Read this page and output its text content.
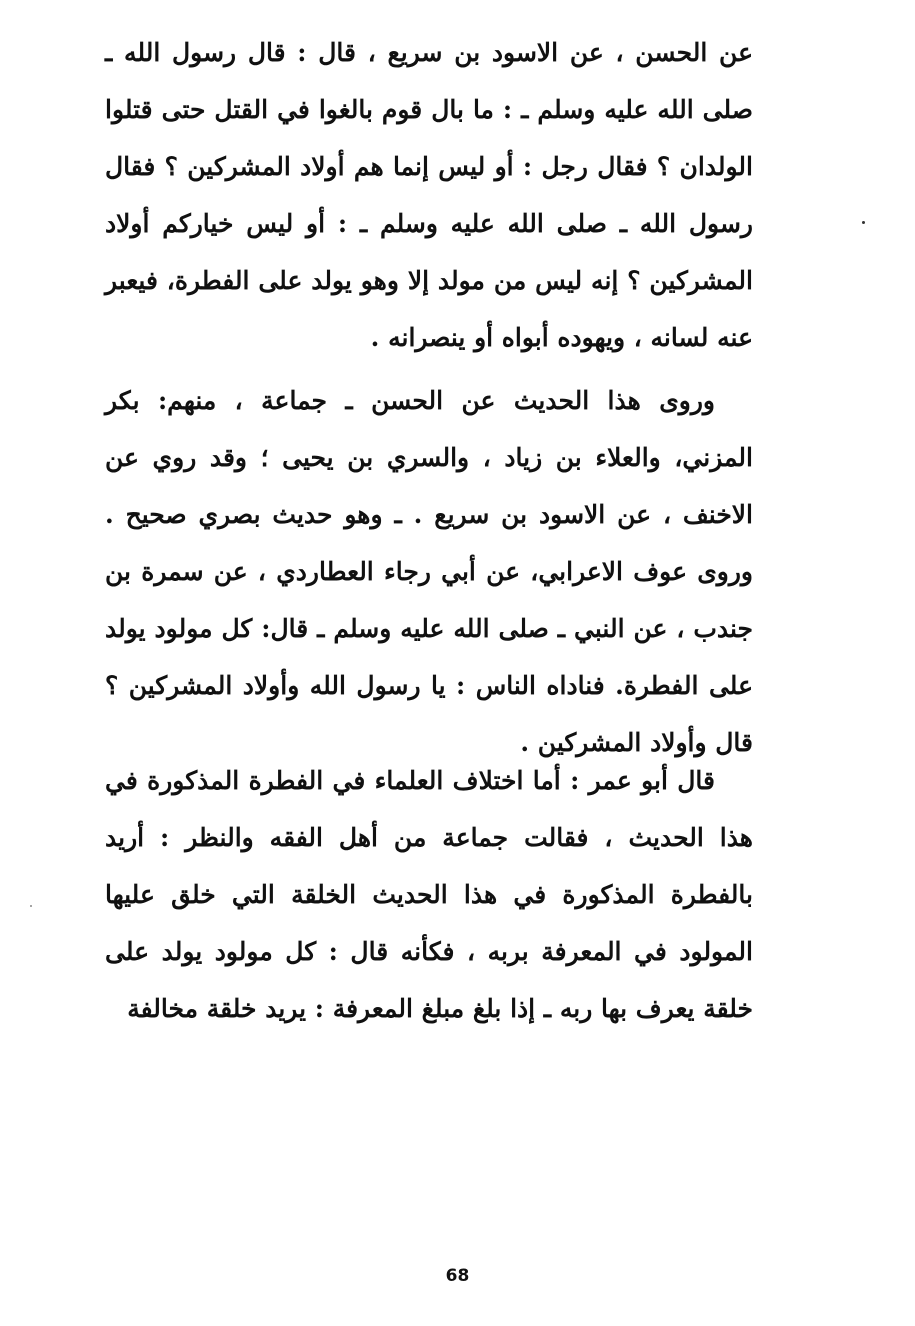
عن الحسن ، عن الاسود بن سريع ، قال : قال رسول الله ـ صلى الله عليه وسلم ـ : ما بال قوم بالغوا في القتل حتى قتلوا الولدان ؟ فقال رجل : أو ليس إنما هم أولاد المشركين ؟ فقال رسول الله ـ صلى الله عليه وسلم ـ : أو ليس خياركم أولاد المشركين ؟ إنه ليس من مولد إلا وهو يولد على الفطرة، فيعبر عنه لسانه ، ويهوده أبواه أو ينصرانه .

وروى هذا الحديث عن الحسن ـ جماعة ، منهم: بكر المزني، والعلاء بن زياد ، والسري بن يحيى ؛ وقد روي عن الاخنف ، عن الاسود بن سريع . ـ وهو حديث بصري صحيح . وروى عوف الاعرابي، عن أبي رجاء العطاردي ، عن سمرة بن جندب ، عن النبي ـ صلى الله عليه وسلم ـ قال: كل مولود يولد على الفطرة. فناداه الناس : يا رسول الله وأولاد المشركين ؟ قال وأولاد المشركين .

قال أبو عمر : أما اختلاف العلماء في الفطرة المذكورة في هذا الحديث ، فقالت جماعة من أهل الفقه والنظر : أريد بالفطرة المذكورة في هذا الحديث الخلقة التي خلق عليها المولود في المعرفة بربه ، فكأنه قال : كل مولود يولد على خلقة يعرف بها ربه ـ إذا بلغ مبلغ المعرفة : يريد خلقة مخالفة

68
